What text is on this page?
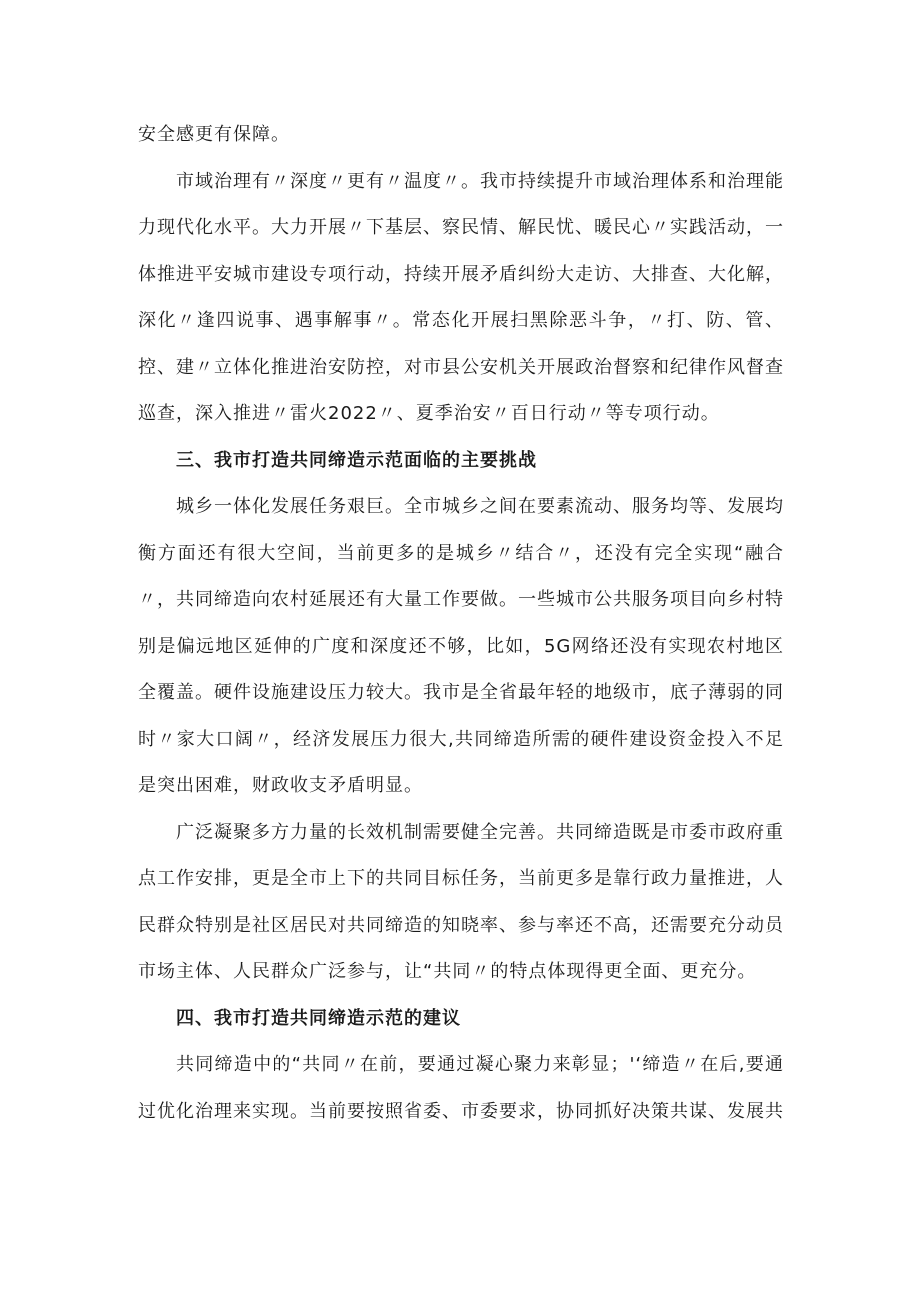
安全感更有保障。

市域治理有〃深度〃更有〃温度〃。我市持续提升市域治理体系和治理能力现代化水平。大力开展〃下基层、察民情、解民忧、暖民心〃实践活动，一体推进平安城市建设专项行动，持续开展矛盾纠纷大走访、大排查、大化解，深化〃逢四说事、遇事解事〃。常态化开展扫黑除恶斗争，〃打、防、管、控、建〃立体化推进治安防控，对市县公安机关开展政治督察和纪律作风督查巡查，深入推进〃雷火2022〃、夏季治安〃百日行动〃等专项行动。

三、我市打造共同缔造示范面临的主要挑战

城乡一体化发展任务艰巨。全市城乡之间在要素流动、服务均等、发展均衡方面还有很大空间，当前更多的是城乡〃结合〃，还没有完全实现“融合〃，共同缔造向农村延展还有大量工作要做。一些城市公共服务项目向乡村特别是偏远地区延伸的广度和深度还不够，比如，5G网络还没有实现农村地区全覆盖。硬件设施建设压力较大。我市是全省最年轻的地级市，底子薄弱的同时〃家大口阔〃，经济发展压力很大,共同缔造所需的硬件建设资金投入不足是突出困难，财政收支矛盾明显。

广泛凝聚多方力量的长效机制需要健全完善。共同缔造既是市委市政府重点工作安排，更是全市上下的共同目标任务，当前更多是靠行政力量推进，人民群众特别是社区居民对共同缔造的知晓率、参与率还不高，还需要充分动员市场主体、人民群众广泛参与，让“共同〃的特点体现得更全面、更充分。

四、我市打造共同缔造示范的建议

共同缔造中的“共同〃在前，要通过凝心聚力来彰显；'‘缔造〃在后,要通过优化治理来实现。当前要按照省委、市委要求，协同抓好决策共谋、发展共
